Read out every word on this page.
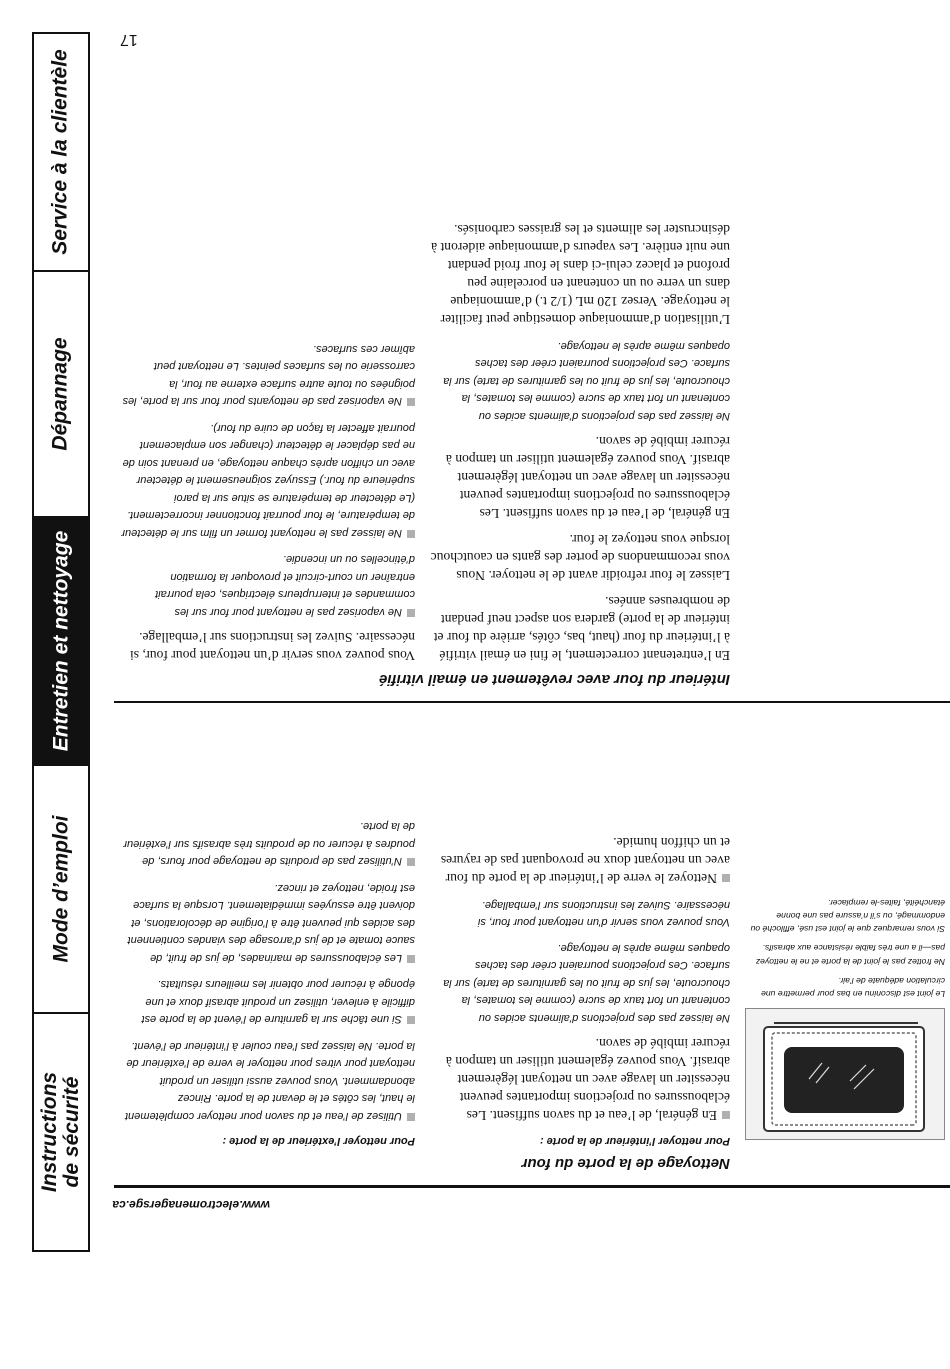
Service à la clientèle
Dépannage
Entretien et nettoyage
Mode d’emploi
Instructions
de sécurité
www.electromenagersge.ca
Nettoyage de la porte du four

Le joint est disconinu en bas pour permettre une circulation adéquate de l’air.

Ne frottez pas le joint de la porte et ne le nettoyez pas—il a une très faible résistance aux abrasifs.

Si vous remarquez que le joint est usé, effiloché ou endommagé, ou s’il n’assure pas une bonne étanchéité, faites-le remplacer.

Pour nettoyer l’intérieur de la porte :

En général, de l’eau et du savon suffisent. Les éclaboussures ou projections importantes peuvent nécessiter un lavage avec un nettoyant légèrement abrasif. Vous pouvez également utiliser un tampon à récurer imbibé de savon.

Ne laissez pas des projections d’aliments acides ou contenant un fort taux de sucre (comme les tomates, la choucroute, les jus de fruit ou les garnitures de tarte) sur la surface. Ces projections pourraient créer des taches opaques même après le nettoyage.

Vous pouvez vous servir d’un nettoyant pour four, si nécessaire. Suivez les instructions sur l’emballage.

Nettoyez le verre de l’intérieur de la porte du four avec un nettoyant doux ne provoquant pas de rayures et un chiffon humide.

Pour nettoyer l’extérieur de la porte :

Utilisez de l’eau et du savon pour nettoyer complètement le haut, les côtés et le devant de la porte. Rincez abondamment. Vous pouvez aussi utiliser un produit nettoyant pour vitres pour nettoyer le verre de l’extérieur de la porte. Ne laissez pas l’eau couler à l’intérieur de l’évent.

Si une tâche sur la garniture de l’évent de la porte est difficile à enlever, utilisez un produit abrasif doux et une éponge à récurer pour obtenir les meilleurs résultats.

Les éclaboussures de marinades, de jus de fruit, de sauce tomate et de jus d’arrosage des viandes contiennent des acides qui peuvent être à l’origine de décolorations, et doivent être essuyées immédiatement. Lorsque la surface est froide, nettoyez et rincez.

N’utilisez pas de produits de nettoyage pour fours, de poudres à récurer ou de produits très abrasifs sur l’extérieur de la porte.

Intérieur du four avec revêtement en émail vitrifié

En l’entretenant correctement, le fini en émail vitrifié à l’intérieur du four (haut, bas, côtés, arrière du four et intérieur de la porte) gardera son aspect neuf pendant de nombreuses années.

Laissez le four refroidir avant de le nettoyer. Nous vous recommandons de porter des gants en caoutchouc lorsque vous nettoyez le four.

En général, de l’eau et du savon suffisent. Les éclaboussures ou projections importantes peuvent nécessiter un lavage avec un nettoyant légèrement abrasif. Vous pouvez également utiliser un tampon à récurer imbibé de savon.

Ne laissez pas des projections d’aliments acides ou contenant un fort taux de sucre (comme les tomates, la choucroute, les jus de fruit ou les garnitures de tarte) sur la surface. Ces projections pourraient créer des taches opaques même après le nettoyage.

L’utilisation d’ammoniaque domestique peut faciliter le nettoyage. Versez 120 mL (1/2 t.) d’ammoniaque dans un verre ou un contenant en porcelaine peu profond et placez celui-ci dans le four froid pendant une nuit entière. Les vapeurs d’ammoniaque aideront à désincruster les aliments et les graisses carbonisés.

Vous pouvez vous servir d’un nettoyant pour four, si nécessaire. Suivez les instructions sur l’emballage.

Ne vaporisez pas le nettoyant pour four sur les commandes et interrupteurs électriques, cela pourrait entraîner un court-circuit et provoquer la formation d’étincelles ou un incendie.

Ne laissez pas le nettoyant former un film sur le détecteur de température, le four pourrait fonctionner incorrectement. (Le détecteur de température se situe sur la paroi supérieure du four.) Essuyez soigneusement le détecteur avec un chiffon après chaque nettoyage, en prenant soin de ne pas déplacer le détecteur (changer son emplacement pourrait affecter la façon de cuire du four).

Ne vaporisez pas de nettoyants pour four sur la porte, les poignées ou toute autre surface externe au four, la carrosserie ou les surfaces peintes. Le nettoyant peut abîmer ces surfaces.

17
